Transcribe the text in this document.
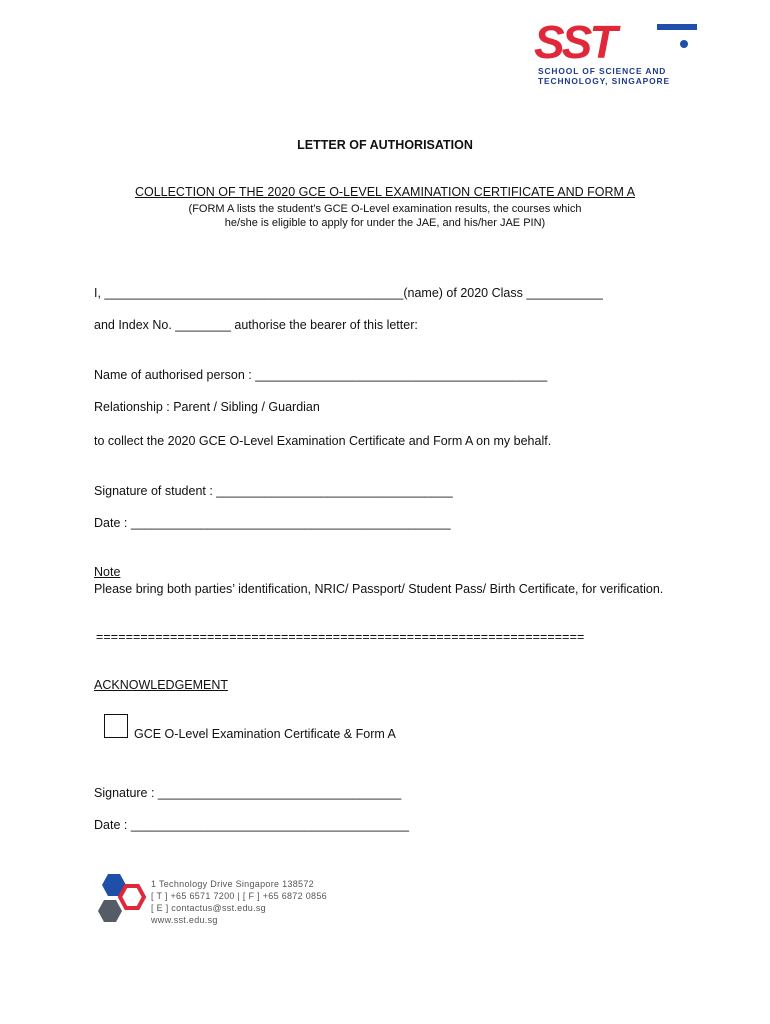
SST
SCHOOL OF SCIENCE AND
TECHNOLOGY, SINGAPORE
LETTER OF AUTHORISATION
COLLECTION OF THE 2020 GCE O-LEVEL EXAMINATION CERTIFICATE AND FORM A
(FORM A lists the student’s GCE O-Level examination results, the courses which
he/she is eligible to apply for under the JAE, and his/her JAE PIN)
I, ___________________________________________(name) of 2020 Class ___________
and Index No. ________ authorise the bearer of this letter:
Name of authorised person : __________________________________________
Relationship : Parent / Sibling / Guardian
to collect the 2020 GCE O-Level Examination Certificate and Form A on my behalf.
Signature of student : __________________________________
Date : ______________________________________________
Note
Please bring both parties’ identification, NRIC/ Passport/ Student Pass/ Birth Certificate, for verification.
==================================================================
ACKNOWLEDGEMENT
GCE O-Level Examination Certificate & Form A
Signature : ___________________________________
Date : ________________________________________
1 Technology Drive Singapore 138572
[ T ] +65 6571 7200 | [ F ] +65 6872 0856
[ E ] contactus@sst.edu.sg
www.sst.edu.sg
